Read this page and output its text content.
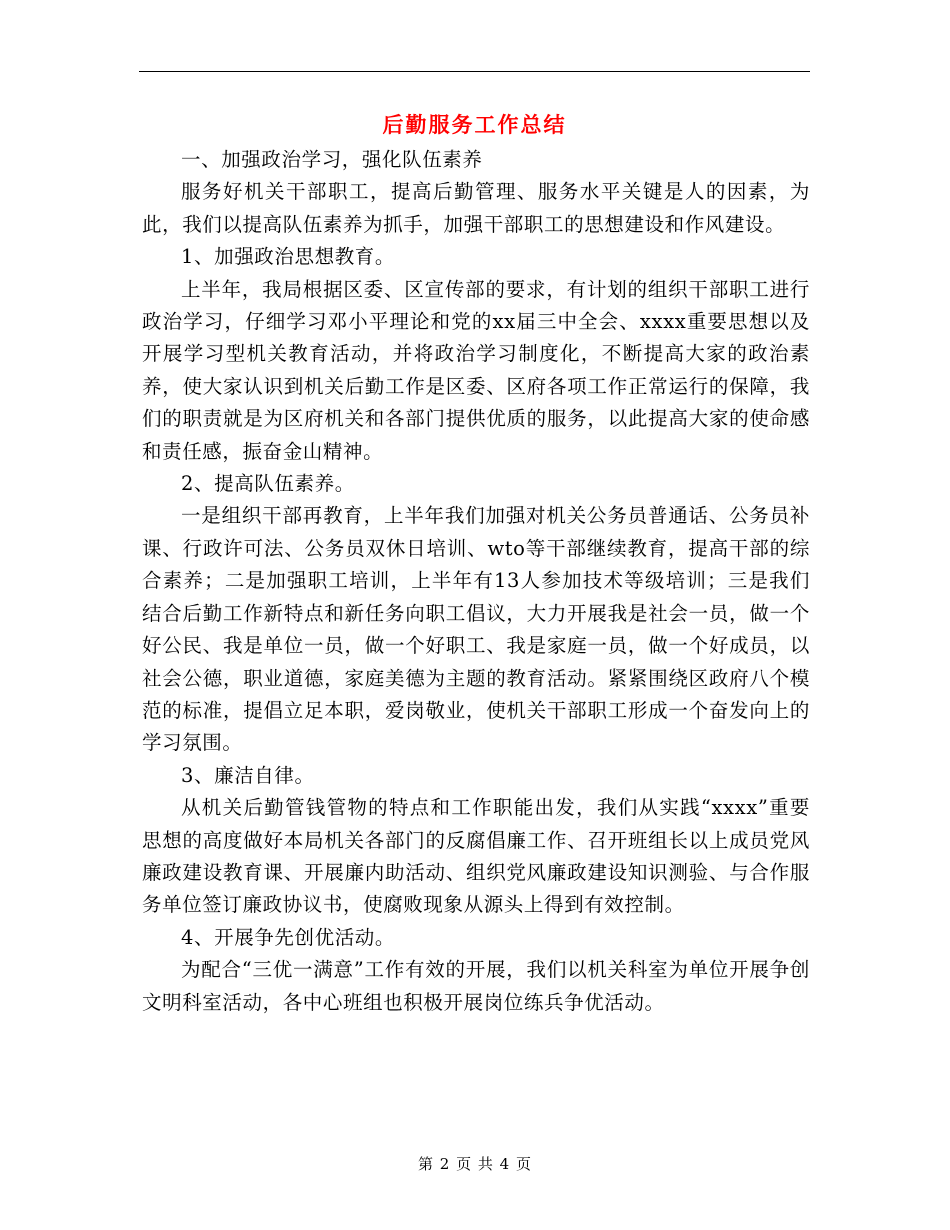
后勤服务工作总结

一、加强政治学习，强化队伍素养

服务好机关干部职工，提高后勤管理、服务水平关键是人的因素，为此，我们以提高队伍素养为抓手，加强干部职工的思想建设和作风建设。

1、加强政治思想教育。

上半年，我局根据区委、区宣传部的要求，有计划的组织干部职工进行政治学习，仔细学习邓小平理论和党的xx届三中全会、xxxx重要思想以及开展学习型机关教育活动，并将政治学习制度化，不断提高大家的政治素养，使大家认识到机关后勤工作是区委、区府各项工作正常运行的保障，我们的职责就是为区府机关和各部门提供优质的服务，以此提高大家的使命感和责任感，振奋金山精神。

2、提高队伍素养。

一是组织干部再教育，上半年我们加强对机关公务员普通话、公务员补课、行政许可法、公务员双休日培训、wto等干部继续教育，提高干部的综合素养；二是加强职工培训，上半年有13人参加技术等级培训；三是我们结合后勤工作新特点和新任务向职工倡议，大力开展我是社会一员，做一个好公民、我是单位一员，做一个好职工、我是家庭一员，做一个好成员，以社会公德，职业道德，家庭美德为主题的教育活动。紧紧围绕区政府八个模范的标准，提倡立足本职，爱岗敬业，使机关干部职工形成一个奋发向上的学习氛围。

3、廉洁自律。

从机关后勤管钱管物的特点和工作职能出发，我们从实践“xxxx”重要思想的高度做好本局机关各部门的反腐倡廉工作、召开班组长以上成员党风廉政建设教育课、开展廉内助活动、组织党风廉政建设知识测验、与合作服务单位签订廉政协议书，使腐败现象从源头上得到有效控制。

4、开展争先创优活动。

为配合“三优一满意”工作有效的开展，我们以机关科室为单位开展争创文明科室活动，各中心班组也积极开展岗位练兵争优活动。

第 2 页 共 4 页
